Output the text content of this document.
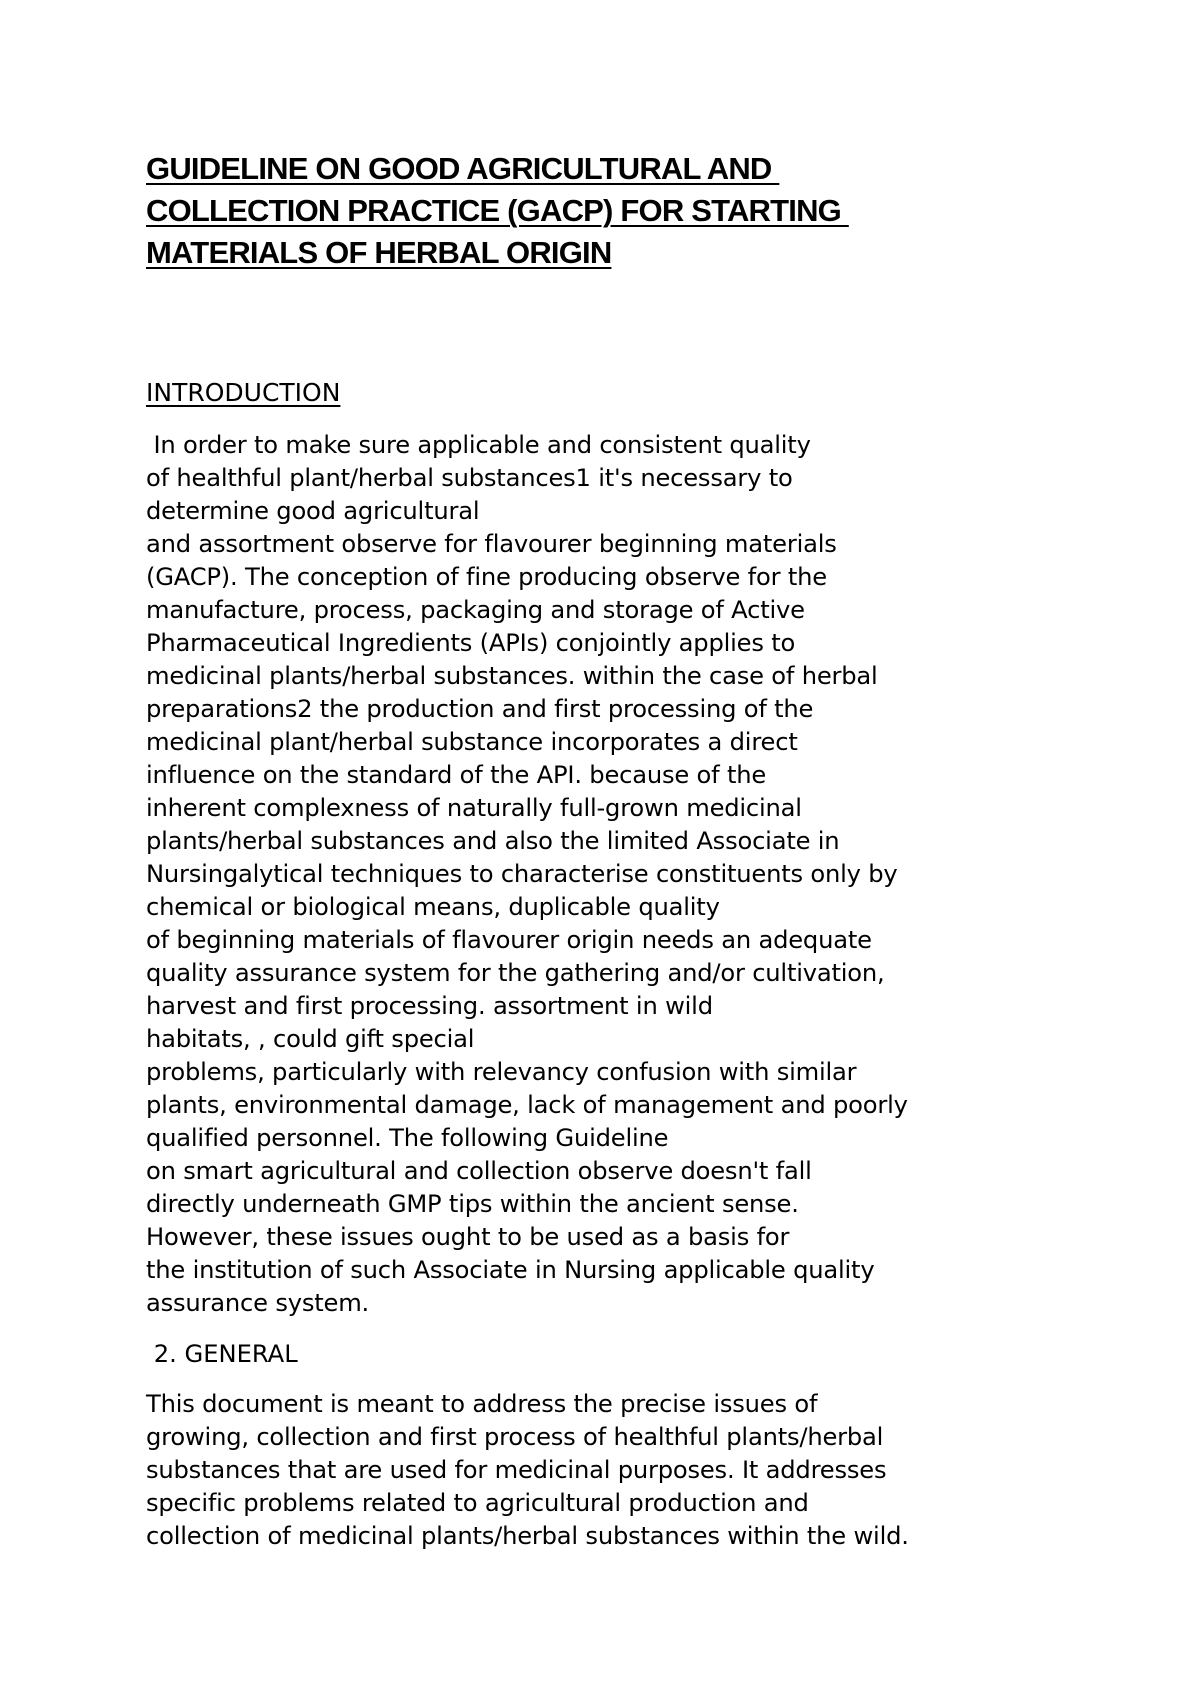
GUIDELINE ON GOOD AGRICULTURAL AND
COLLECTION PRACTICE (GACP) FOR STARTING
MATERIALS OF HERBAL ORIGIN
INTRODUCTION
In order to make sure applicable and consistent quality
of healthful plant/herbal substances1 it's necessary to
determine good agricultural
and assortment observe for flavourer beginning materials
(GACP). The conception of fine producing observe for the
manufacture, process, packaging and storage of Active
Pharmaceutical Ingredients (APIs) conjointly applies to
medicinal plants/herbal substances. within the case of herbal
preparations2 the production and first processing of the
medicinal plant/herbal substance incorporates a direct
influence on the standard of the API. because of the
inherent complexness of naturally full-grown medicinal
plants/herbal substances and also the limited Associate in
Nursingalytical techniques to characterise constituents only by
chemical or biological means, duplicable quality
of beginning materials of flavourer origin needs an adequate
quality assurance system for the gathering and/or cultivation,
harvest and first processing. assortment in wild
habitats, , could gift special
problems, particularly with relevancy confusion with similar
plants, environmental damage, lack of management and poorly
qualified personnel. The following Guideline
on smart agricultural and collection observe doesn't fall
directly underneath GMP tips within the ancient sense.
However, these issues ought to be used as a basis for
the institution of such Associate in Nursing applicable quality
assurance system.
2. GENERAL
This document is meant to address the precise issues of
growing, collection and first process of healthful plants/herbal
substances that are used for medicinal purposes. It addresses
specific problems related to agricultural production and
collection of medicinal plants/herbal substances within the wild.
